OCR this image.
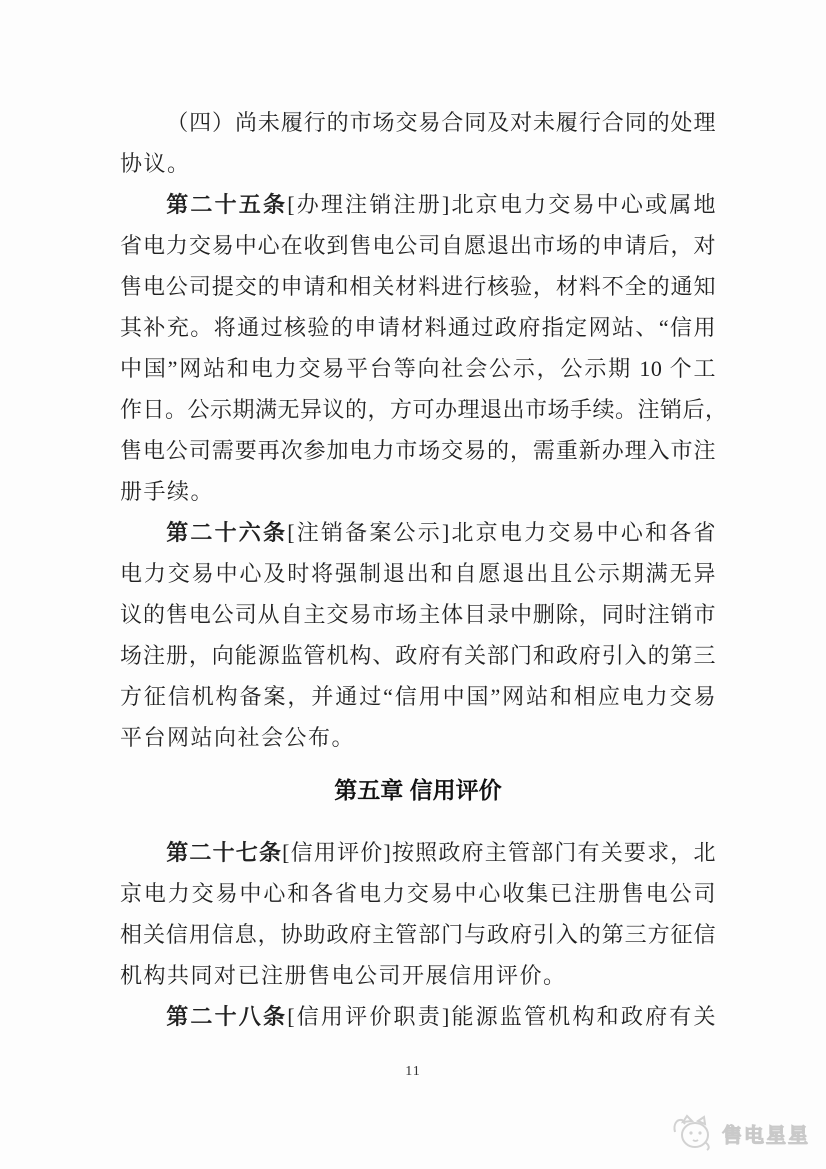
（四）尚未履行的市场交易合同及对未履行合同的处理
协议。
第二十五条[办理注销注册]北京电力交易中心或属地
省电力交易中心在收到售电公司自愿退出市场的申请后，对
售电公司提交的申请和相关材料进行核验，材料不全的通知
其补充。将通过核验的申请材料通过政府指定网站、“信用
中国”网站和电力交易平台等向社会公示，公示期 10 个工
作日。公示期满无异议的，方可办理退出市场手续。注销后，
售电公司需要再次参加电力市场交易的，需重新办理入市注
册手续。
第二十六条[注销备案公示]北京电力交易中心和各省
电力交易中心及时将强制退出和自愿退出且公示期满无异
议的售电公司从自主交易市场主体目录中删除，同时注销市
场注册，向能源监管机构、政府有关部门和政府引入的第三
方征信机构备案，并通过“信用中国”网站和相应电力交易
平台网站向社会公布。
第五章 信用评价
第二十七条[信用评价]按照政府主管部门有关要求，北
京电力交易中心和各省电力交易中心收集已注册售电公司
相关信用信息，协助政府主管部门与政府引入的第三方征信
机构共同对已注册售电公司开展信用评价。
第二十八条[信用评价职责]能源监管机构和政府有关
11
售电星星
